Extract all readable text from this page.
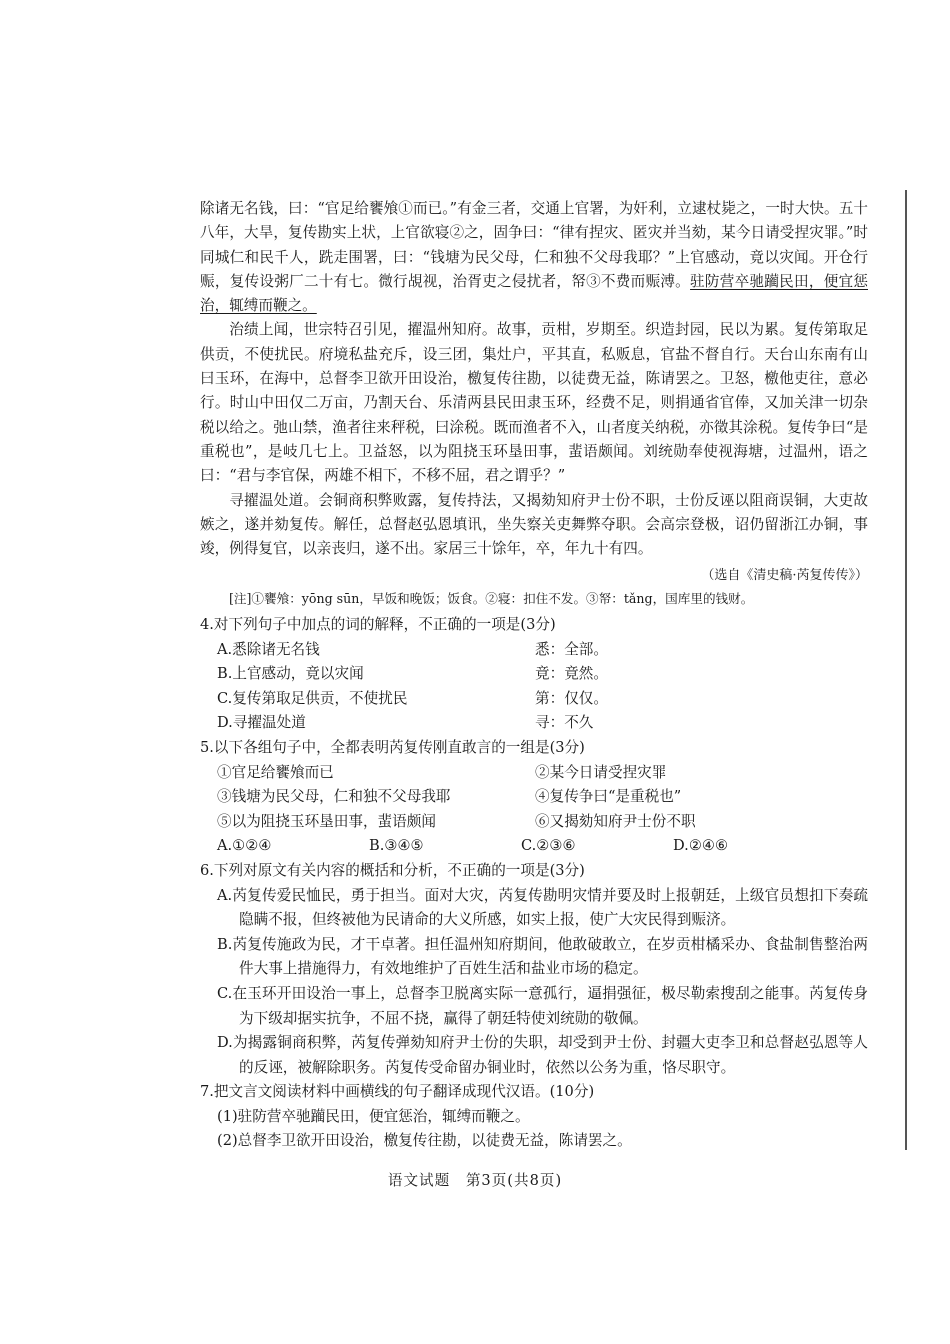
除诸无名钱，曰：“官足给饔飧①而已。”有金三者，交通上官署，为奸利，立逮杖毙之，一时大快。五十八年，大旱，复传勘实上状，上官欲寝②之，固争曰：“律有捏灾、匿灾并当劾，某今日请受捏灾罪。”时同城仁和民千人，跣走围署，曰：“钱塘为民父母，仁和独不父母我耶？”上官感动，竟以灾闻。开仓行赈，复传设粥厂二十有七。微行覘视，治胥吏之侵扰者，帑③不费而赈溥。驻防营卒驰躏民田，便宜惩治，辄缚而鞭之。

治绩上闻，世宗特召引见，擢温州知府。故事，贡柑，岁期至。织造封园，民以为累。复传第取足供贡，不使扰民。府境私盐充斥，设三团，集灶户，平其直，私贩息，官盐不督自行。天台山东南有山曰玉环，在海中，总督李卫欲开田设治，檄复传往勘，以徒费无益，陈请罢之。卫怒，檄他吏往，意必行。时山中田仅二万亩，乃割天台、乐清两县民田隶玉环，经费不足，则捐通省官俸，又加关津一切杂税以给之。弛山禁，渔者往来秤税，曰涂税。既而渔者不入，山者度关纳税，亦徵其涂税。复传争曰“是重税也”，是岐几七上。卫益怒，以为阻挠玉环垦田事，蜚语颇闻。刘统勋奉使视海塘，过温州，语之曰：“君与李官保，两雄不相下，不移不屈，君之谓乎？”

寻擢温处道。会铜商积弊败露，复传持法，又揭劾知府尹士份不职，士份反诬以阻商误铜，大吏故嫉之，遂并劾复传。解任，总督赵弘恩填讯，坐失察关吏舞弊夺职。会高宗登极，诏仍留浙江办铜，事竣，例得复官，以亲丧归，遂不出。家居三十馀年，卒，年九十有四。

（选自《清史稿·芮复传传》）
[注]①饔飧：yōng sūn，早饭和晚饭；饭食。②寝：扣住不发。③帑：tǎng，国库里的钱财。

4.对下列句子中加点的词的解释，不正确的一项是(3分)

A.悉除诸无名钱	悉：全部。
B.上官感动，竟以灾闻	竟：竟然。
C.复传第取足供贡，不使扰民	第：仅仅。
D.寻擢温处道	寻：不久

5.以下各组句子中，全都表明芮复传刚直敢言的一组是(3分)

①官足给饔飧而已	②某今日请受捏灾罪
③钱塘为民父母，仁和独不父母我耶	④复传争曰“是重税也”
⑤以为阻挠玉环垦田事，蜚语颇闻	⑥又揭劾知府尹士份不职
A.①②④	B.③④⑤	C.②③⑥	D.②④⑥

6.下列对原文有关内容的概括和分析，不正确的一项是(3分)

A.芮复传爱民恤民，勇于担当。面对大灾，芮复传勘明灾情并要及时上报朝廷，上级官员想扣下奏疏隐瞒不报，但终被他为民请命的大义所感，如实上报，使广大灾民得到赈济。

B.芮复传施政为民，才干卓著。担任温州知府期间，他敢破敢立，在岁贡柑橘采办、食盐制售整治两件大事上措施得力，有效地维护了百姓生活和盐业市场的稳定。

C.在玉环开田设治一事上，总督李卫脱离实际一意孤行，逼捐强征，极尽勒索搜刮之能事。芮复传身为下级却据实抗争，不屈不挠，赢得了朝廷特使刘统勋的敬佩。

D.为揭露铜商积弊，芮复传弹劾知府尹士份的失职，却受到尹士份、封疆大吏李卫和总督赵弘恩等人的反诬，被解除职务。芮复传受命留办铜业时，依然以公务为重，恪尽职守。

7.把文言文阅读材料中画横线的句子翻译成现代汉语。(10分)

(1)驻防营卒驰躏民田，便宜惩治，辄缚而鞭之。

(2)总督李卫欲开田设治，檄复传往勘，以徒费无益，陈请罢之。

语文试题　第3页(共8页)
